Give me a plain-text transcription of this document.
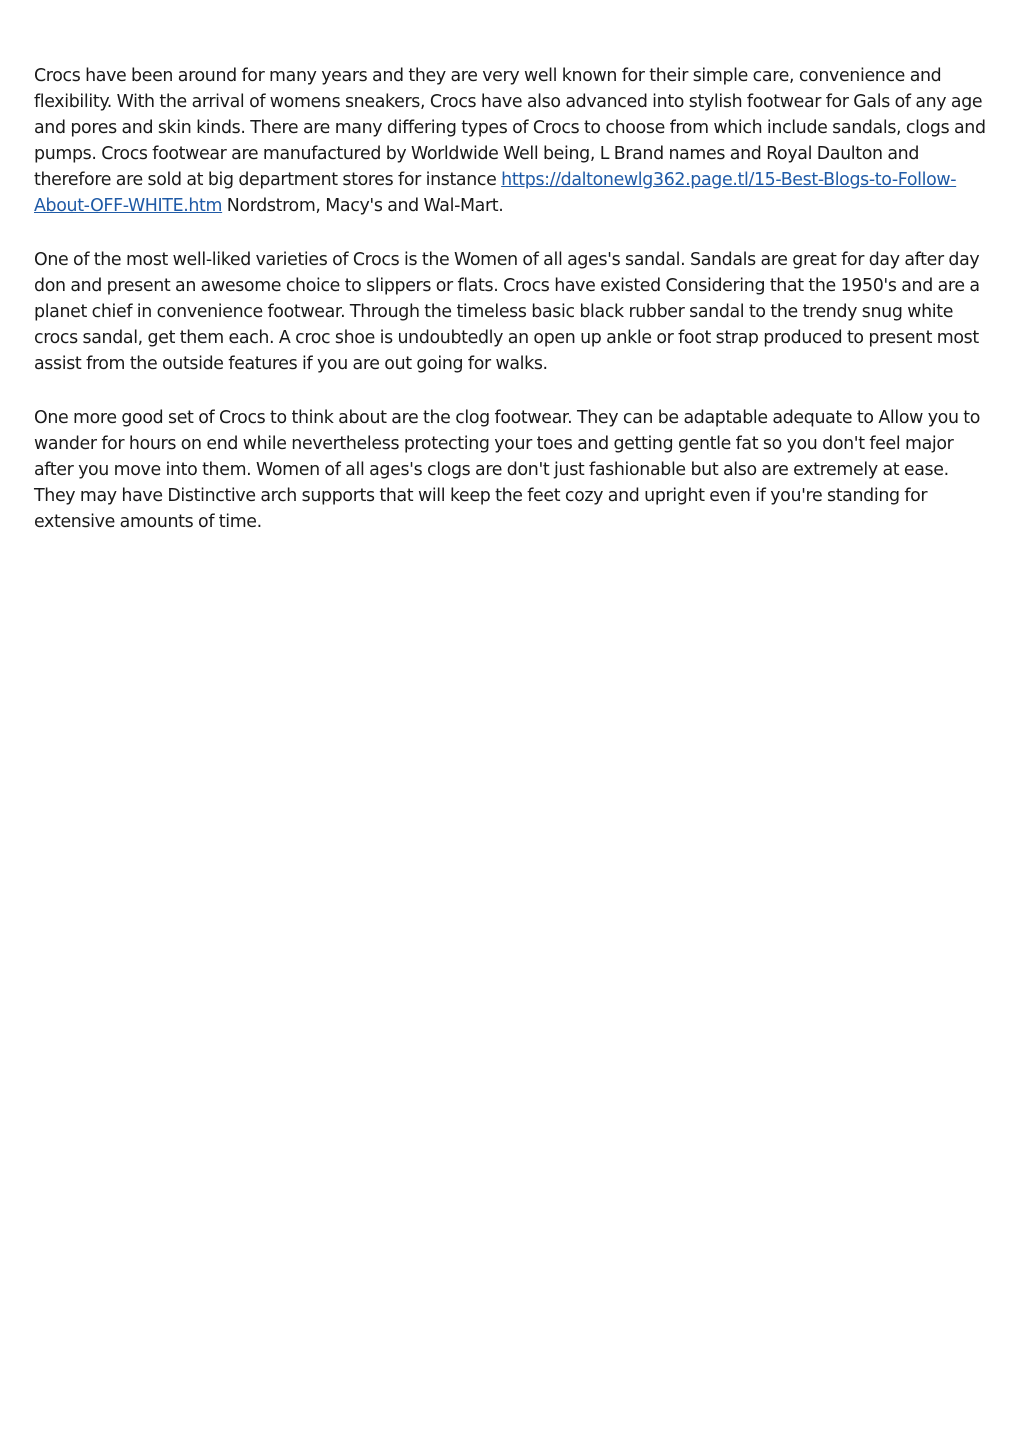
Crocs have been around for many years and they are very well known for their simple care, convenience and flexibility. With the arrival of womens sneakers, Crocs have also advanced into stylish footwear for Gals of any age and pores and skin kinds. There are many differing types of Crocs to choose from which include sandals, clogs and pumps. Crocs footwear are manufactured by Worldwide Well being, L Brand names and Royal Daulton and therefore are sold at big department stores for instance https://daltonewlg362.page.tl/15-Best-Blogs-to-Follow-About-OFF-WHITE.htm Nordstrom, Macy's and Wal-Mart.

One of the most well-liked varieties of Crocs is the Women of all ages's sandal. Sandals are great for day after day don and present an awesome choice to slippers or flats. Crocs have existed Considering that the 1950's and are a planet chief in convenience footwear. Through the timeless basic black rubber sandal to the trendy snug white crocs sandal, get them each. A croc shoe is undoubtedly an open up ankle or foot strap produced to present most assist from the outside features if you are out going for walks.

One more good set of Crocs to think about are the clog footwear. They can be adaptable adequate to Allow you to wander for hours on end while nevertheless protecting your toes and getting gentle fat so you don't feel major after you move into them. Women of all ages's clogs are don't just fashionable but also are extremely at ease. They may have Distinctive arch supports that will keep the feet cozy and upright even if you're standing for extensive amounts of time.
